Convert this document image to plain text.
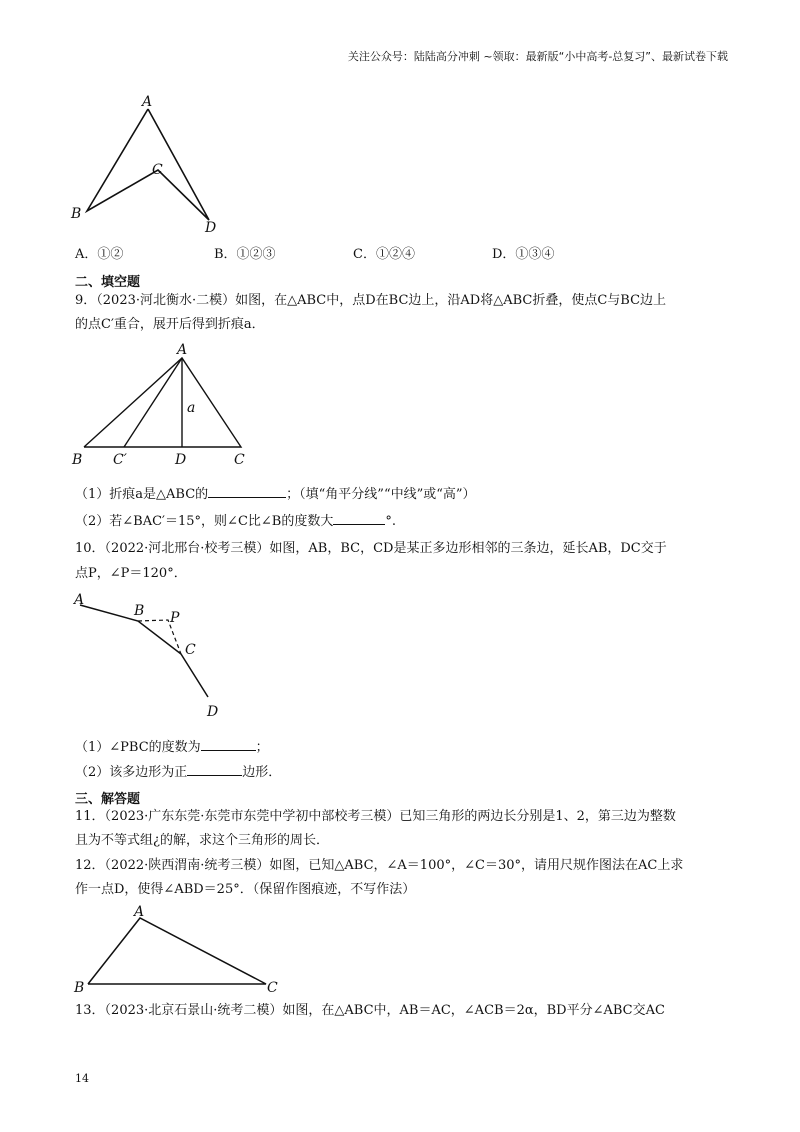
关注公众号：陆陆高分冲刺 ~领取：最新版“小中高考-总复习”、最新试卷下载
A
B
C
D
A．①②	B．①②③	C．①②④	D．①③④
二、填空题
9．（2023·河北衡水·二模）如图，在△ABC中，点D在BC边上，沿AD将△ABC折叠，使点C与BC边上
的点C′重合，展开后得到折痕a．
A
a
B C′	D	C
（1）折痕a是△ABC的	；（填“角平分线”“中线”或“高”）
（2）若∠BAC′＝15°，则∠C比∠B的度数大	°.
10．（2022·河北邢台·校考三模）如图，AB，BC，CD是某正多边形相邻的三条边，延长AB，DC交于
点P，∠P＝120°．
A
B P
C
D
（1）∠PBC的度数为	；
（2）该多边形为正	边形．
三、解答题
11．（2023·广东东莞·东莞市东莞中学初中部校考三模）已知三角形的两边长分别是1、2，第三边为整数
且为不等式组¿的解，求这个三角形的周长．
12．（2022·陕西渭南·统考三模）如图，已知△ABC，∠A＝100°，∠C＝30°，请用尺规作图法在AC上求
作一点D，使得∠ABD＝25°．（保留作图痕迹，不写作法）
A
B	C
13．（2023·北京石景山·统考二模）如图，在△ABC中，AB＝AC，∠ACB＝2α，BD平分∠ABC交AC
14
